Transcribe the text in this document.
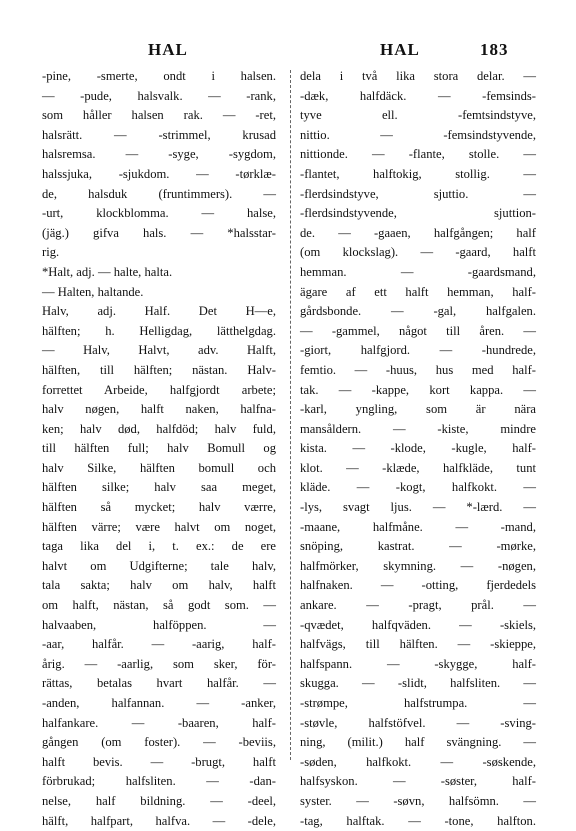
HAL	HAL	183
-pine, -smerte, ondt i halsen.
— -pude, halsvalk. — -rank,
som håller halsen rak. — -ret,
halsrätt. — -strimmel, krusad
halsremsa. — -syge, -sygdom,
halssjuka, -sjukdom. — -tørklæ-
de, halsduk (fruntimmers). —
-urt, klockblomma. — halse,
(jäg.) gifva hals. — *halsstar-
rig.
*Halt, adj. — halte, halta.
— Halten, haltande.
Halv, adj. Half. Det H—e,
hälften; h. Helligdag, lätthelgdag.
— Halv, Halvt, adv. Halft,
hälften, till hälften; nästan. Halv-
forrettet Arbeide, halfgjordt arbete;
halv nøgen, halft naken, halfna-
ken; halv død, halfdöd; halv fuld,
till hälften full; halv Bomull og
halv Silke, hälften bomull och
hälften silke; halv saa meget,
hälften så mycket; halv værre,
hälften värre; være halvt om noget,
taga lika del i, t. ex.: de ere
halvt om Udgifterne; tale halv,
tala sakta; halv om halv, halft
om halft, nästan, så godt som. —
halvaaben, halföppen. —
-aar, halfår. — -aarig, half-
årig. — -aarlig, som sker, för-
rättas, betalas hvart halfår. —
-anden, halfannan. — -anker,
halfankare. — -baaren, half-
gången (om foster). — -beviis,
halft bevis. — -brugt, halft
förbrukad; halfsliten. — -dan-
nelse, half bildning. — -deel,
hälft, halfpart, halfva. — -dele,
dela i två lika stora delar. —
-dæk, halfdäck. — -femsinds-
tyve ell. -femtsindstyve,
nittio. — -femsindstyvende,
nittionde. — -flante, stolle. —
-flantet, halftokig, stollig. —
-flerdsindstyve, sjuttio. —
-flerdsindstyvende, sjuttion-
de. — -gaaen, halfgången; half
(om klockslag). — -gaard, halft
hemman. — -gaardsmand,
ägare af ett halft hemman, half-
gårdsbonde. — -gal, halfgalen.
— -gammel, något till åren. —
-giort, halfgjord. — -hundrede,
femtio. — -huus, hus med half-
tak. — -kappe, kort kappa. —
-karl, yngling, som är nära
mansåldern. — -kiste, mindre
kista. — -klode, -kugle, half-
klot. — -klæde, halfkläde, tunt
kläde. — -kogt, halfkokt. —
-lys, svagt ljus. — *-lærd. —
-maane, halfmåne. — -mand,
snöping, kastrat. — -mørke,
halfmörker, skymning. — -nøgen,
halfnaken. — -otting, fjerdedels
ankare. — -pragt, prål. —
-qvædet, halfqväden. — -skiels,
halfvägs, till hälften. — -skieppe,
halfspann. — -skygge, half-
skugga. — -slidt, halfsliten. —
-strømpe, halfstrumpa. —
-støvle, halfstöfvel. — -sving-
ning, (milit.) half svängning. —
-søden, halfkokt. — -søskende,
halfsyskon. — -søster, half-
syster. — -søvn, halfsömn. —
-tag, halftak. — -tone, halfton.
